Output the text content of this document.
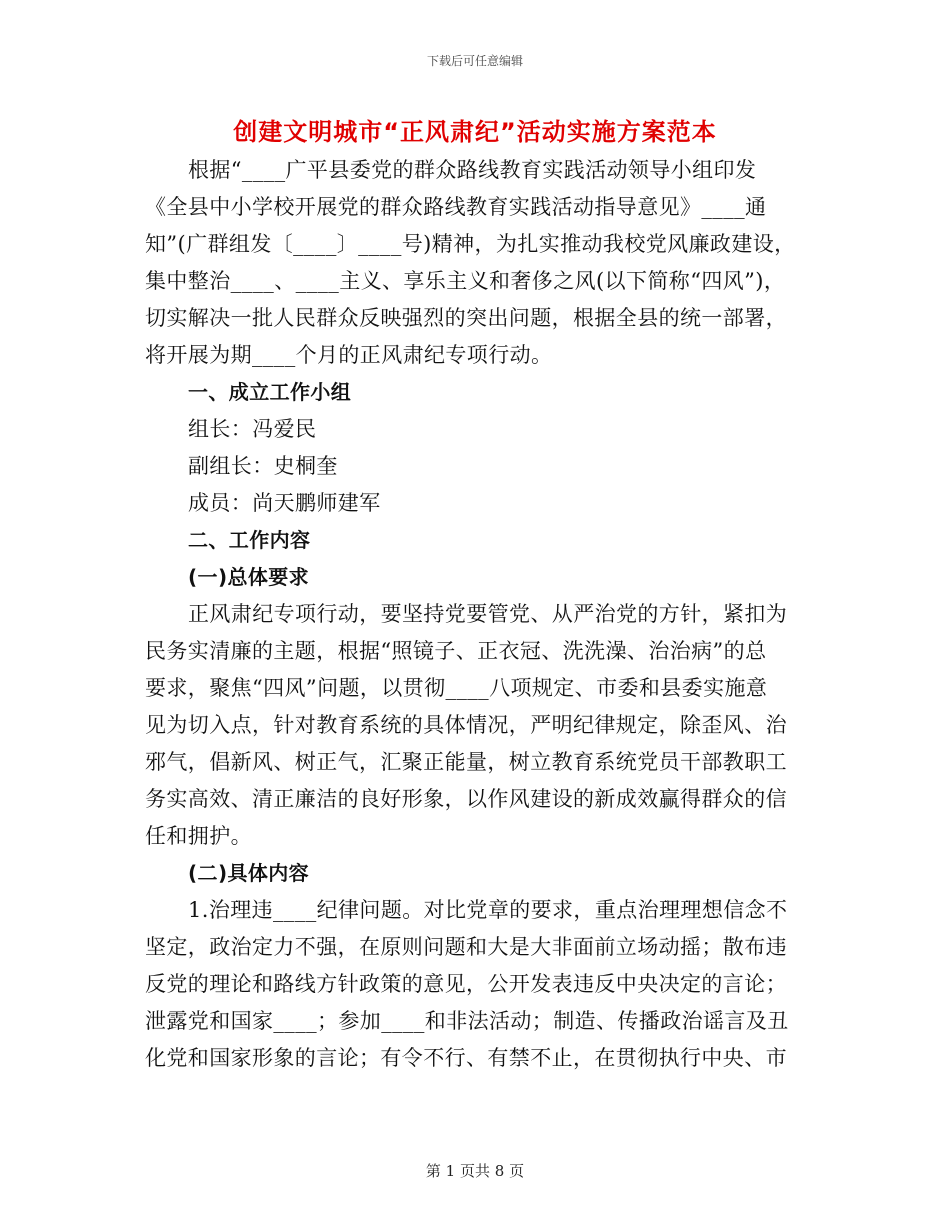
下载后可任意编辑
创建文明城市“正风肃纪”活动实施方案范本
根据“____广平县委党的群众路线教育实践活动领导小组印发
《全县中小学校开展党的群众路线教育实践活动指导意见》____通
知”(广群组发〔____〕____号)精神，为扎实推动我校党风廉政建设，
集中整治____、____主义、享乐主义和奢侈之风(以下简称“四风”)，
切实解决一批人民群众反映强烈的突出问题，根据全县的统一部署，
将开展为期____个月的正风肃纪专项行动。
一、成立工作小组
组长：冯爱民
副组长：史桐奎
成员：尚天鹏师建军
二、工作内容
(一)总体要求
正风肃纪专项行动，要坚持党要管党、从严治党的方针，紧扣为
民务实清廉的主题，根据“照镜子、正衣冠、洗洗澡、治治病”的总
要求，聚焦“四风”问题，以贯彻____八项规定、市委和县委实施意
见为切入点，针对教育系统的具体情况，严明纪律规定，除歪风、治
邪气，倡新风、树正气，汇聚正能量，树立教育系统党员干部教职工
务实高效、清正廉洁的良好形象，以作风建设的新成效赢得群众的信
任和拥护。
(二)具体内容
1.治理违____纪律问题。对比党章的要求，重点治理理想信念不
坚定，政治定力不强，在原则问题和大是大非面前立场动摇；散布违
反党的理论和路线方针政策的意见，公开发表违反中央决定的言论；
泄露党和国家____；参加____和非法活动；制造、传播政治谣言及丑
化党和国家形象的言论；有令不行、有禁不止，在贯彻执行中央、市
第 1 页共 8 页
